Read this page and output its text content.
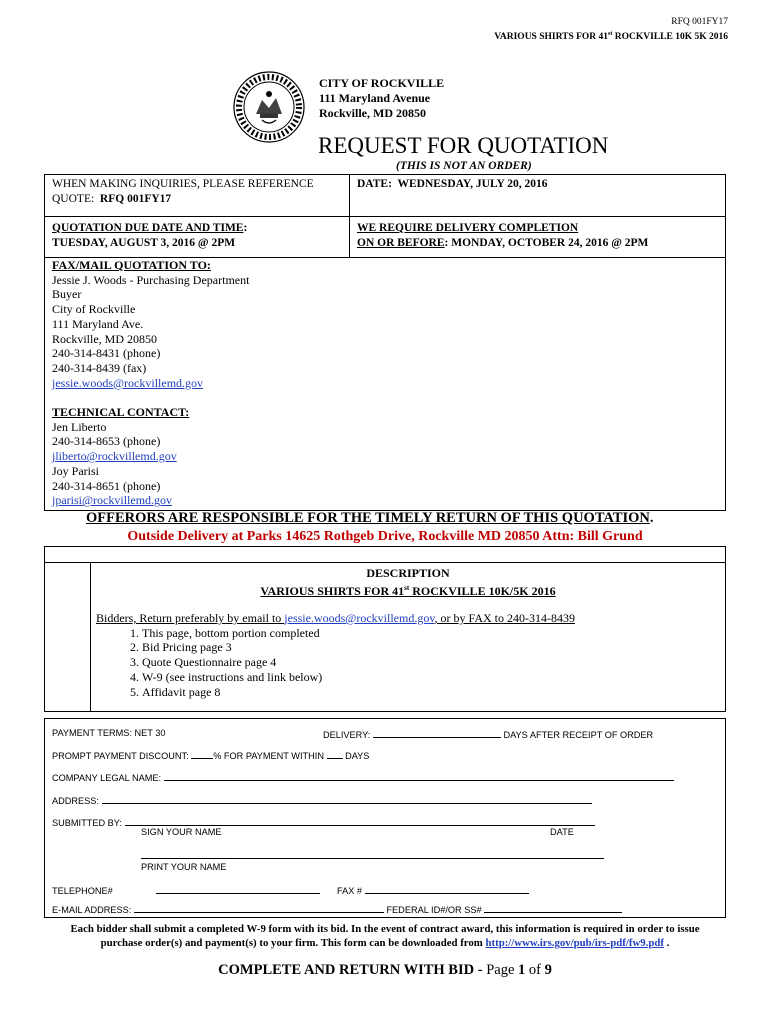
RFQ 001FY17
VARIOUS SHIRTS FOR 41st ROCKVILLE 10K 5K 2016
CITY OF ROCKVILLE
111 Maryland Avenue
Rockville, MD 20850
REQUEST FOR QUOTATION
(THIS IS NOT AN ORDER)
WHEN MAKING INQUIRIES, PLEASE REFERENCE
QUOTE: RFQ 001FY17
DATE: WEDNESDAY, JULY 20, 2016
QUOTATION DUE DATE AND TIME:
TUESDAY, AUGUST 3, 2016 @ 2PM
WE REQUIRE DELIVERY COMPLETION
ON OR BEFORE: MONDAY, OCTOBER 24, 2016 @ 2PM
FAX/MAIL QUOTATION TO:
Jessie J. Woods - Purchasing Department
Buyer
City of Rockville
111 Maryland Ave.
Rockville, MD 20850
240-314-8431 (phone)
240-314-8439 (fax)
jessie.woods@rockvillemd.gov
TECHNICAL CONTACT:
Jen Liberto
240-314-8653 (phone)
jliberto@rockvillemd.gov
Joy Parisi
240-314-8651 (phone)
jparisi@rockvillemd.gov
OFFERORS ARE RESPONSIBLE FOR THE TIMELY RETURN OF THIS QUOTATION.
Outside Delivery at Parks 14625 Rothgeb Drive, Rockville MD 20850 Attn: Bill Grund
DESCRIPTION
VARIOUS SHIRTS FOR 41st ROCKVILLE 10K/5K 2016
Bidders, Return preferably by email to jessie.woods@rockvillemd.gov, or by FAX to 240-314-8439
1. This page, bottom portion completed
2. Bid Pricing page 3
3. Quote Questionnaire page 4
4. W-9 (see instructions and link below)
5. Affidavit page 8
PAYMENT TERMS: NET 30	DELIVERY:	DAYS AFTER RECEIPT OF ORDER
PROMPT PAYMENT DISCOUNT:	% FOR PAYMENT WITHIN DAYS
COMPANY LEGAL NAME:
ADDRESS:
SUBMITTED BY:
SIGN YOUR NAME	DATE
PRINT YOUR NAME
TELEPHONE#	FAX #
E-MAIL ADDRESS:	FEDERAL ID#/OR SS#
Each bidder shall submit a completed W-9 form with its bid. In the event of contract award, this information is required in order to issue
purchase order(s) and payment(s) to your firm. This form can be downloaded from http://www.irs.gov/pub/irs-pdf/fw9.pdf .
COMPLETE AND RETURN WITH BID - Page 1 of 9
